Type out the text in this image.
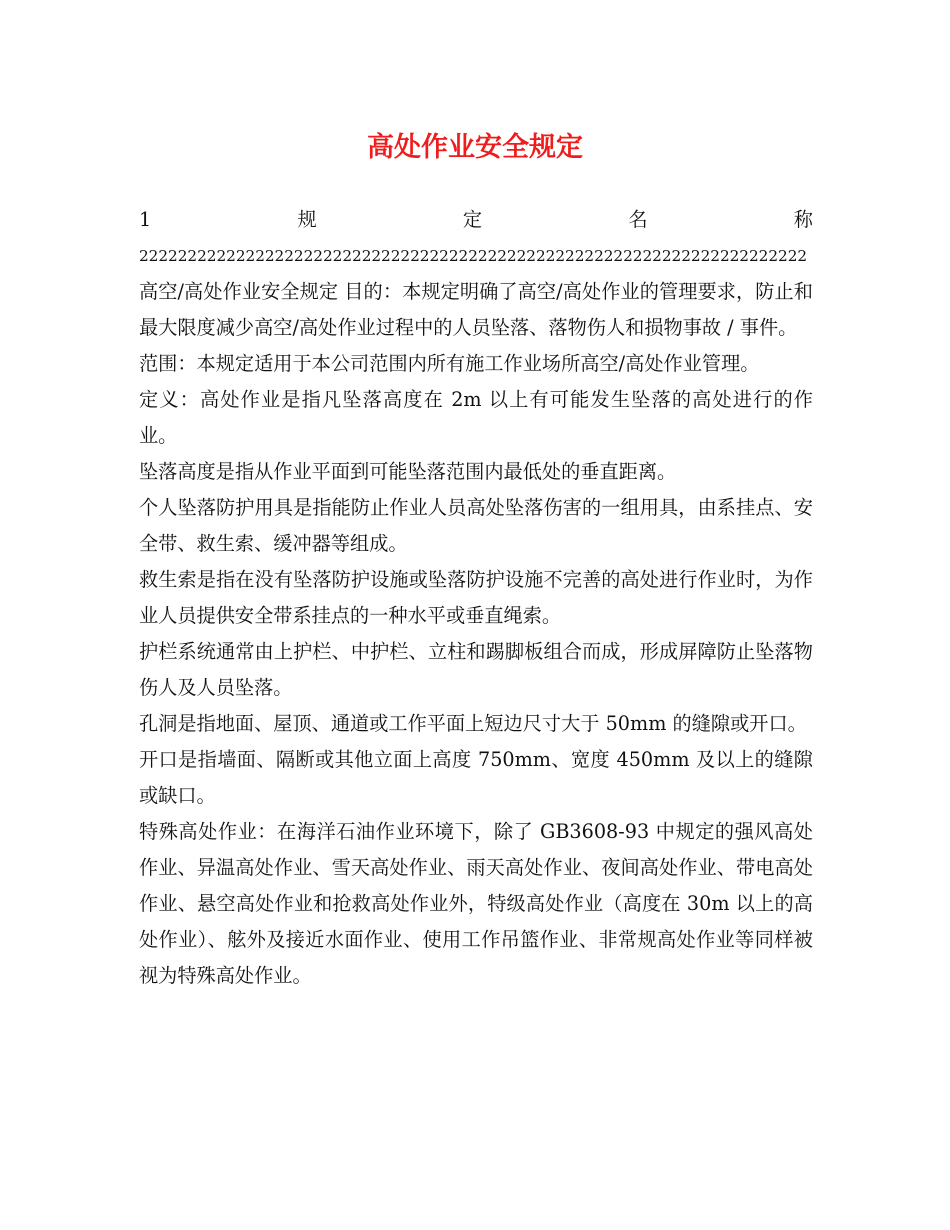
高处作业安全规定
1	规	定	名	称
222222222222222222222222222222222222222222222222222222222222222222222

高空/高处作业安全规定 目的：本规定明确了高空/高处作业的管理要求，防止和最大限度减少高空/高处作业过程中的人员坠落、落物伤人和损物事故 / 事件。

范围：本规定适用于本公司范围内所有施工作业场所高空/高处作业管理。

定义：高处作业是指凡坠落高度在 2m 以上有可能发生坠落的高处进行的作业。

坠落高度是指从作业平面到可能坠落范围内最低处的垂直距离。

个人坠落防护用具是指能防止作业人员高处坠落伤害的一组用具，由系挂点、安全带、救生索、缓冲器等组成。

救生索是指在没有坠落防护设施或坠落防护设施不完善的高处进行作业时，为作业人员提供安全带系挂点的一种水平或垂直绳索。

护栏系统通常由上护栏、中护栏、立柱和踢脚板组合而成，形成屏障防止坠落物伤人及人员坠落。

孔洞是指地面、屋顶、通道或工作平面上短边尺寸大于 50mm 的缝隙或开口。

开口是指墙面、隔断或其他立面上高度 750mm、宽度 450mm 及以上的缝隙或缺口。

特殊高处作业：在海洋石油作业环境下，除了 GB3608-93 中规定的强风高处作业、异温高处作业、雪天高处作业、雨天高处作业、夜间高处作业、带电高处作业、悬空高处作业和抢救高处作业外，特级高处作业（高度在 30m 以上的高处作业）、舷外及接近水面作业、使用工作吊篮作业、非常规高处作业等同样被视为特殊高处作业。
